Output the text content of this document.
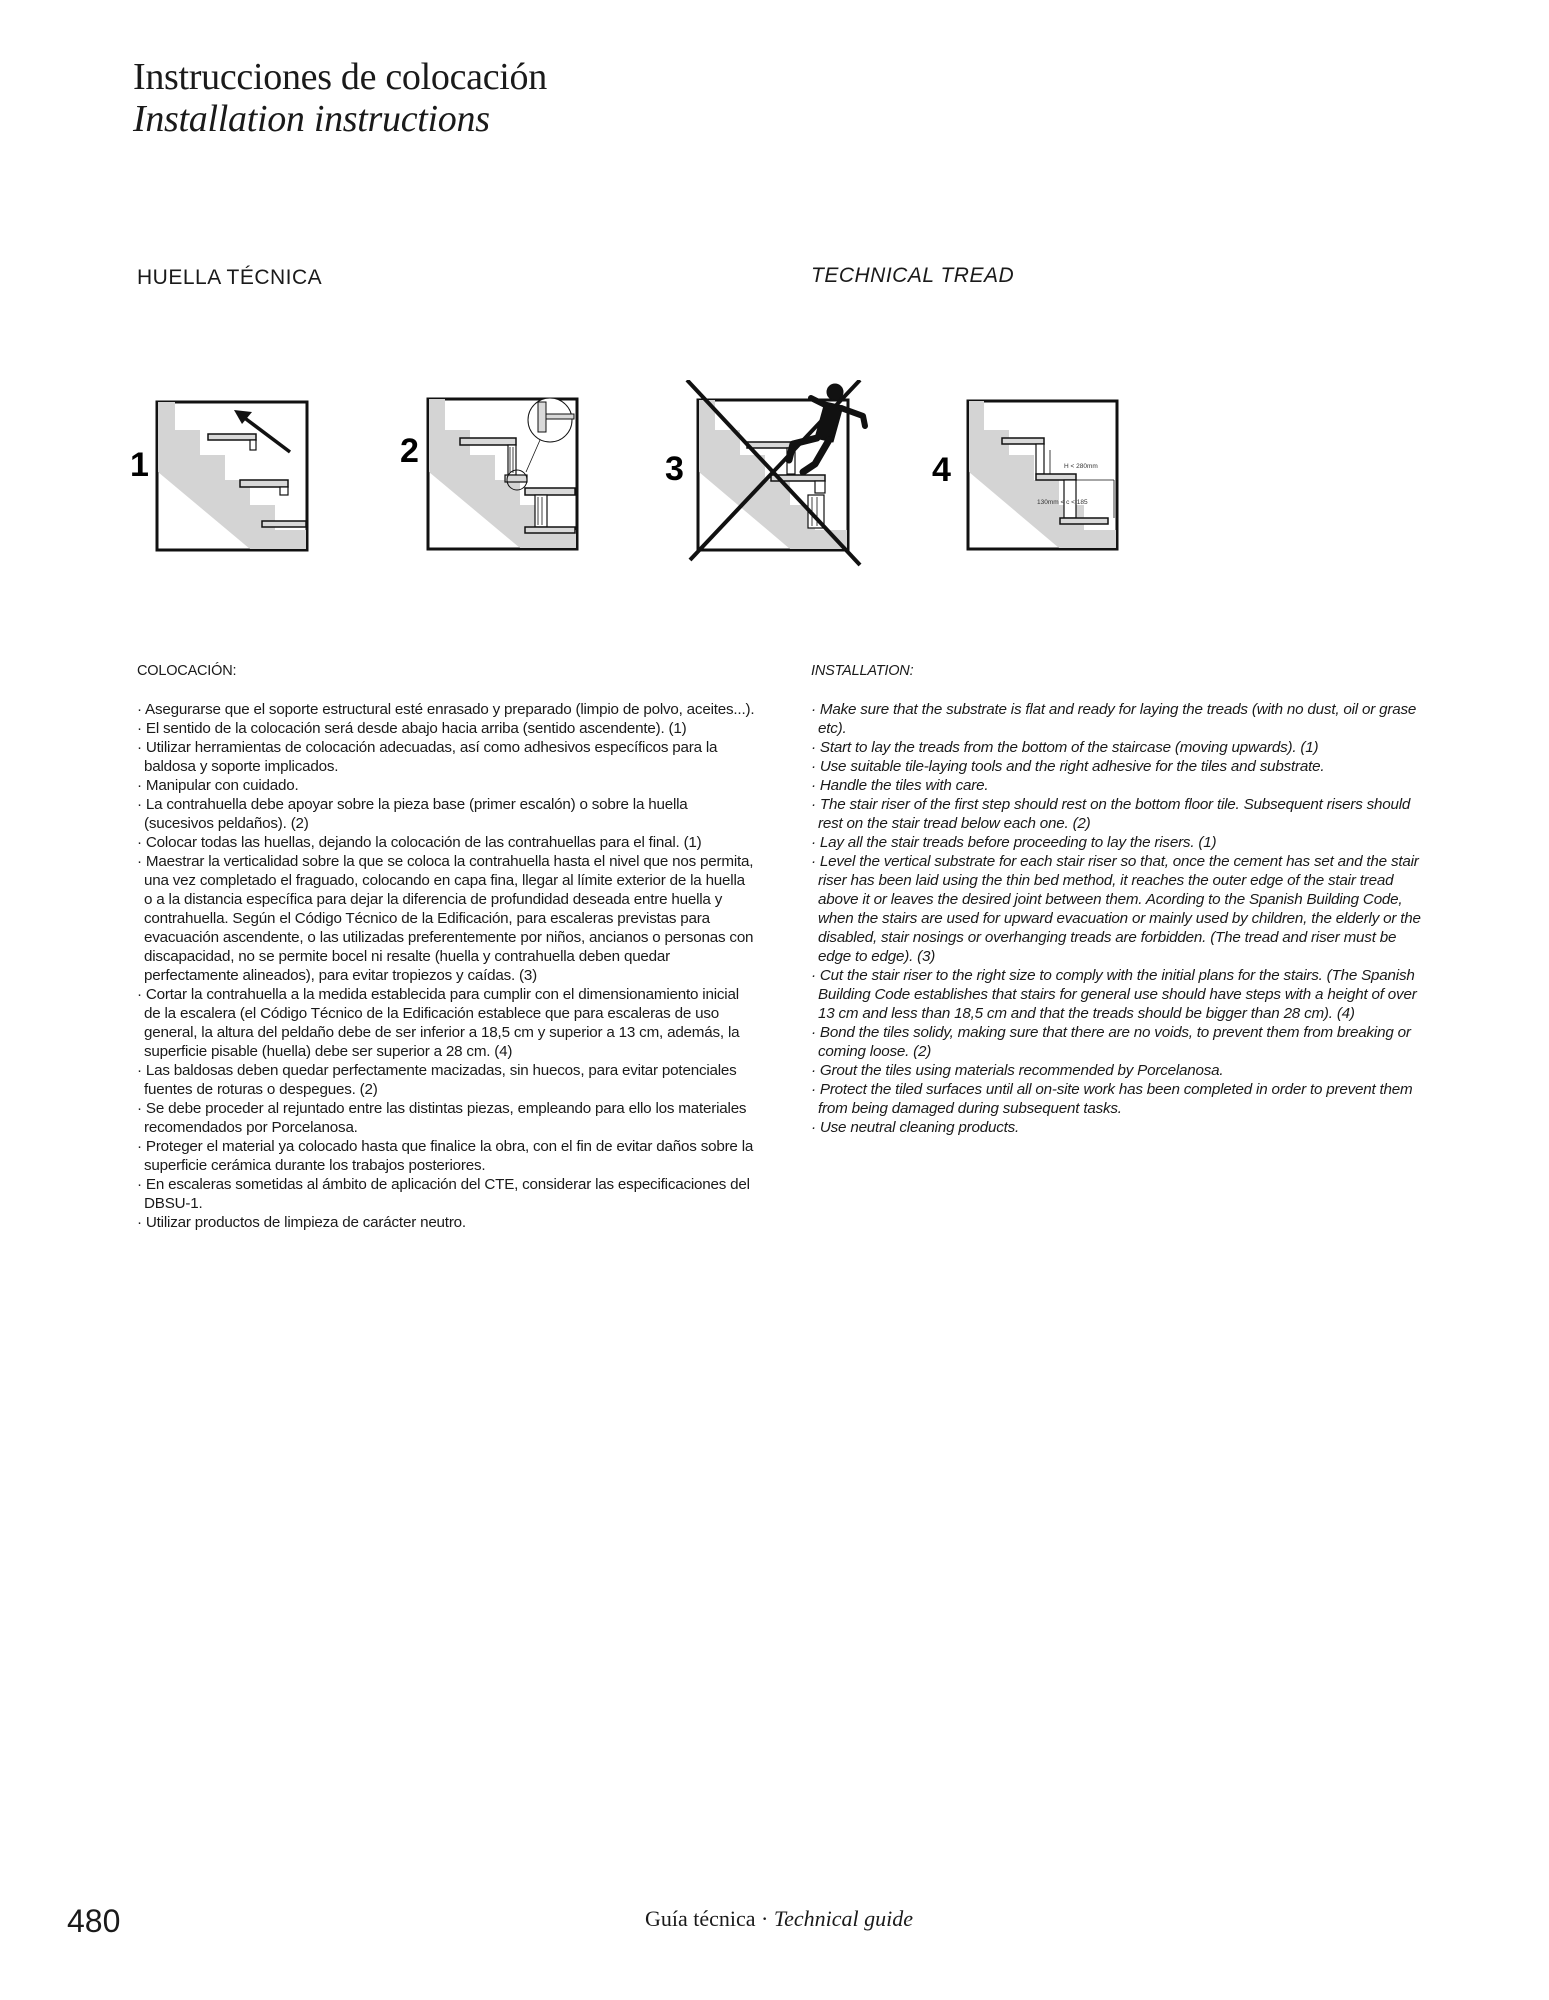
Instrucciones de colocación
Installation instructions
HUELLA TÉCNICA	TECHNICAL TREAD
1	2	3	4	H < 280mm
130mm < c < 185
COLOCACIÓN:
· Asegurarse que el soporte estructural esté enrasado y preparado (limpio de polvo, aceites...).
· El sentido de la colocación será desde abajo hacia arriba (sentido ascendente). (1)
· Utilizar herramientas de colocación adecuadas, así como adhesivos específicos para la baldosa y soporte implicados.
· Manipular con cuidado.
· La contrahuella debe apoyar sobre la pieza base (primer escalón) o sobre la huella (sucesivos peldaños). (2)
· Colocar todas las huellas, dejando la colocación de las contrahuellas para el final. (1)
· Maestrar la verticalidad sobre la que se coloca la contrahuella hasta el nivel que nos permita, una vez completado el fraguado, colocando en capa fina, llegar al límite exterior de la huella o a la distancia específica para dejar la diferencia de profundidad deseada entre huella y contrahuella. Según el Código Técnico de la Edificación, para escaleras previstas para evacuación ascendente, o las utilizadas preferentemente por niños, ancianos o personas con discapacidad, no se permite bocel ni resalte (huella y contrahuella deben quedar perfectamente alineados), para evitar tropiezos y caídas. (3)
· Cortar la contrahuella a la medida establecida para cumplir con el dimensionamiento inicial de la escalera (el Código Técnico de la Edificación establece que para escaleras de uso general, la altura del peldaño debe de ser inferior a 18,5 cm y superior a 13 cm, además, la superficie pisable (huella) debe ser superior a 28 cm. (4)
· Las baldosas deben quedar perfectamente macizadas, sin huecos, para evitar potenciales fuentes de roturas o despegues. (2)
· Se debe proceder al rejuntado entre las distintas piezas, empleando para ello los materiales recomendados por Porcelanosa.
· Proteger el material ya colocado hasta que finalice la obra, con el fin de evitar daños sobre la superficie cerámica durante los trabajos posteriores.
· En escaleras sometidas al ámbito de aplicación del CTE, considerar las especificaciones del DBSU-1.
· Utilizar productos de limpieza de carácter neutro.
INSTALLATION:
· Make sure that the substrate is flat and ready for laying the treads (with no dust, oil or grase etc).
· Start to lay the treads from the bottom of the staircase (moving upwards). (1)
· Use suitable tile-laying tools and the right adhesive for the tiles and substrate.
· Handle the tiles with care.
· The stair riser of the first step should rest on the bottom floor tile. Subsequent risers should rest on the stair tread below each one. (2)
· Lay all the stair treads before proceeding to lay the risers. (1)
· Level the vertical substrate for each stair riser so that, once the cement has set and the stair riser has been laid using the thin bed method, it reaches the outer edge of the stair tread above it or leaves the desired joint between them. Acording to the Spanish Building Code, when the stairs are used for upward evacuation or mainly used by children, the elderly or the disabled, stair nosings or overhanging treads are forbidden. (The tread and riser must be edge to edge). (3)
· Cut the stair riser to the right size to comply with the initial plans for the stairs. (The Spanish Building Code establishes that stairs for general use should have steps with a height of over 13 cm and less than 18,5 cm and that the treads should be bigger than 28 cm). (4)
· Bond the tiles solidy, making sure that there are no voids, to prevent them from breaking or coming loose. (2)
· Grout the tiles using materials recommended by Porcelanosa.
· Protect the tiled surfaces until all on-site work has been completed in order to prevent them from being damaged during subsequent tasks.
· Use neutral cleaning products.
480	Guía técnica · Technical guide
